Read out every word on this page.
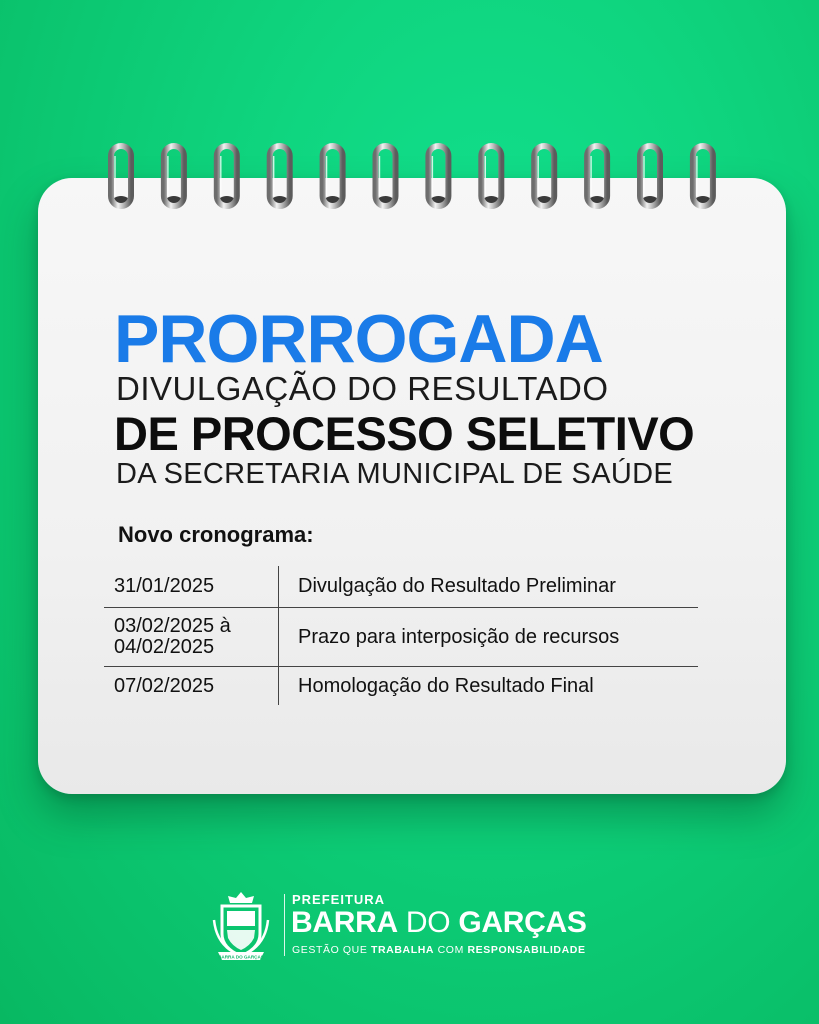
PRORROGADA
DIVULGAÇÃO DO RESULTADO
DE PROCESSO SELETIVO
DA SECRETARIA MUNICIPAL DE SAÚDE
Novo cronograma:
31/01/2025	Divulgação do Resultado Preliminar

03/02/2025 à
04/02/2025	Prazo para interposição de recursos
07/02/2025	Homologação do Resultado Final
BARRA DO GARÇAS
PREFEITURA
BARRA DO GARÇAS
GESTÃO QUE TRABALHA COM RESPONSABILIDADE
